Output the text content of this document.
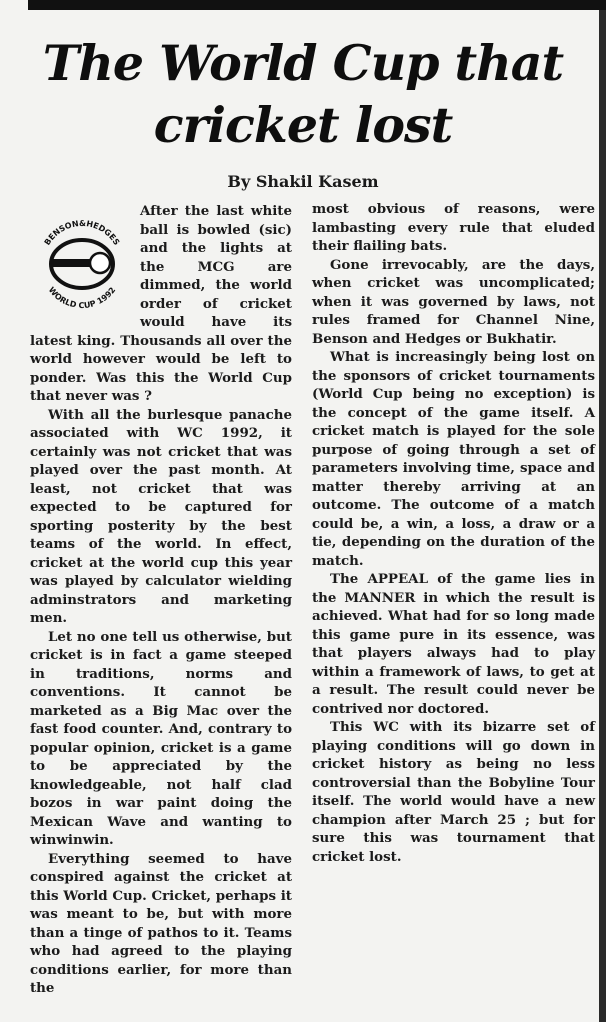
The World Cup that
cricket lost

By Shakil Kasem

BENSON&HEDGES
WORLD CUP 1992

After the last white ball is bowled (sic) and the lights at the MCG are dimmed, the world order of cricket would have its latest king. Thousands all over the world however would be left to ponder. Was this the World Cup that never was ?

With all the burlesque panache associated with WC 1992, it certainly was not cricket that was played over the past month. At least, not cricket that was expected to be captured for sporting posterity by the best teams of the world. In effect, cricket at the world cup this year was played by calculator wielding adminstrators and marketing men.

Let no one tell us otherwise, but cricket is in fact a game steeped in traditions, norms and conventions. It cannot be marketed as a Big Mac over the fast food counter. And, contrary to popular opinion, cricket is a game to be appreciated by the knowledgeable, not half clad bozos in war paint doing the Mexican Wave and wanting to winwinwin.

Everything seemed to have conspired against the cricket at this World Cup. Cricket, perhaps it was meant to be, but with more than a tinge of pathos to it. Teams who had agreed to the playing conditions earlier, for more than the

most obvious of reasons, were lambasting every rule that eluded their flailing bats.

Gone irrevocably, are the days, when cricket was uncomplicated; when it was governed by laws, not rules framed for Channel Nine, Benson and Hedges or Bukhatir.

What is increasingly being lost on the sponsors of cricket tournaments (World Cup being no exception) is the concept of the game itself. A cricket match is played for the sole purpose of going through a set of parameters involving time, space and matter thereby arriving at an outcome. The outcome of a match could be, a win, a loss, a draw or a tie, depending on the duration of the match.

The APPEAL of the game lies in the MANNER in which the result is achieved. What had for so long made this game pure in its essence, was that players always had to play within a framework of laws, to get at a result. The result could never be contrived nor doctored.

This WC with its bizarre set of playing conditions will go down in cricket history as being no less controversial than the Bobyline Tour itself. The world would have a new champion after March 25 ; but for sure this was tournament that cricket lost.
